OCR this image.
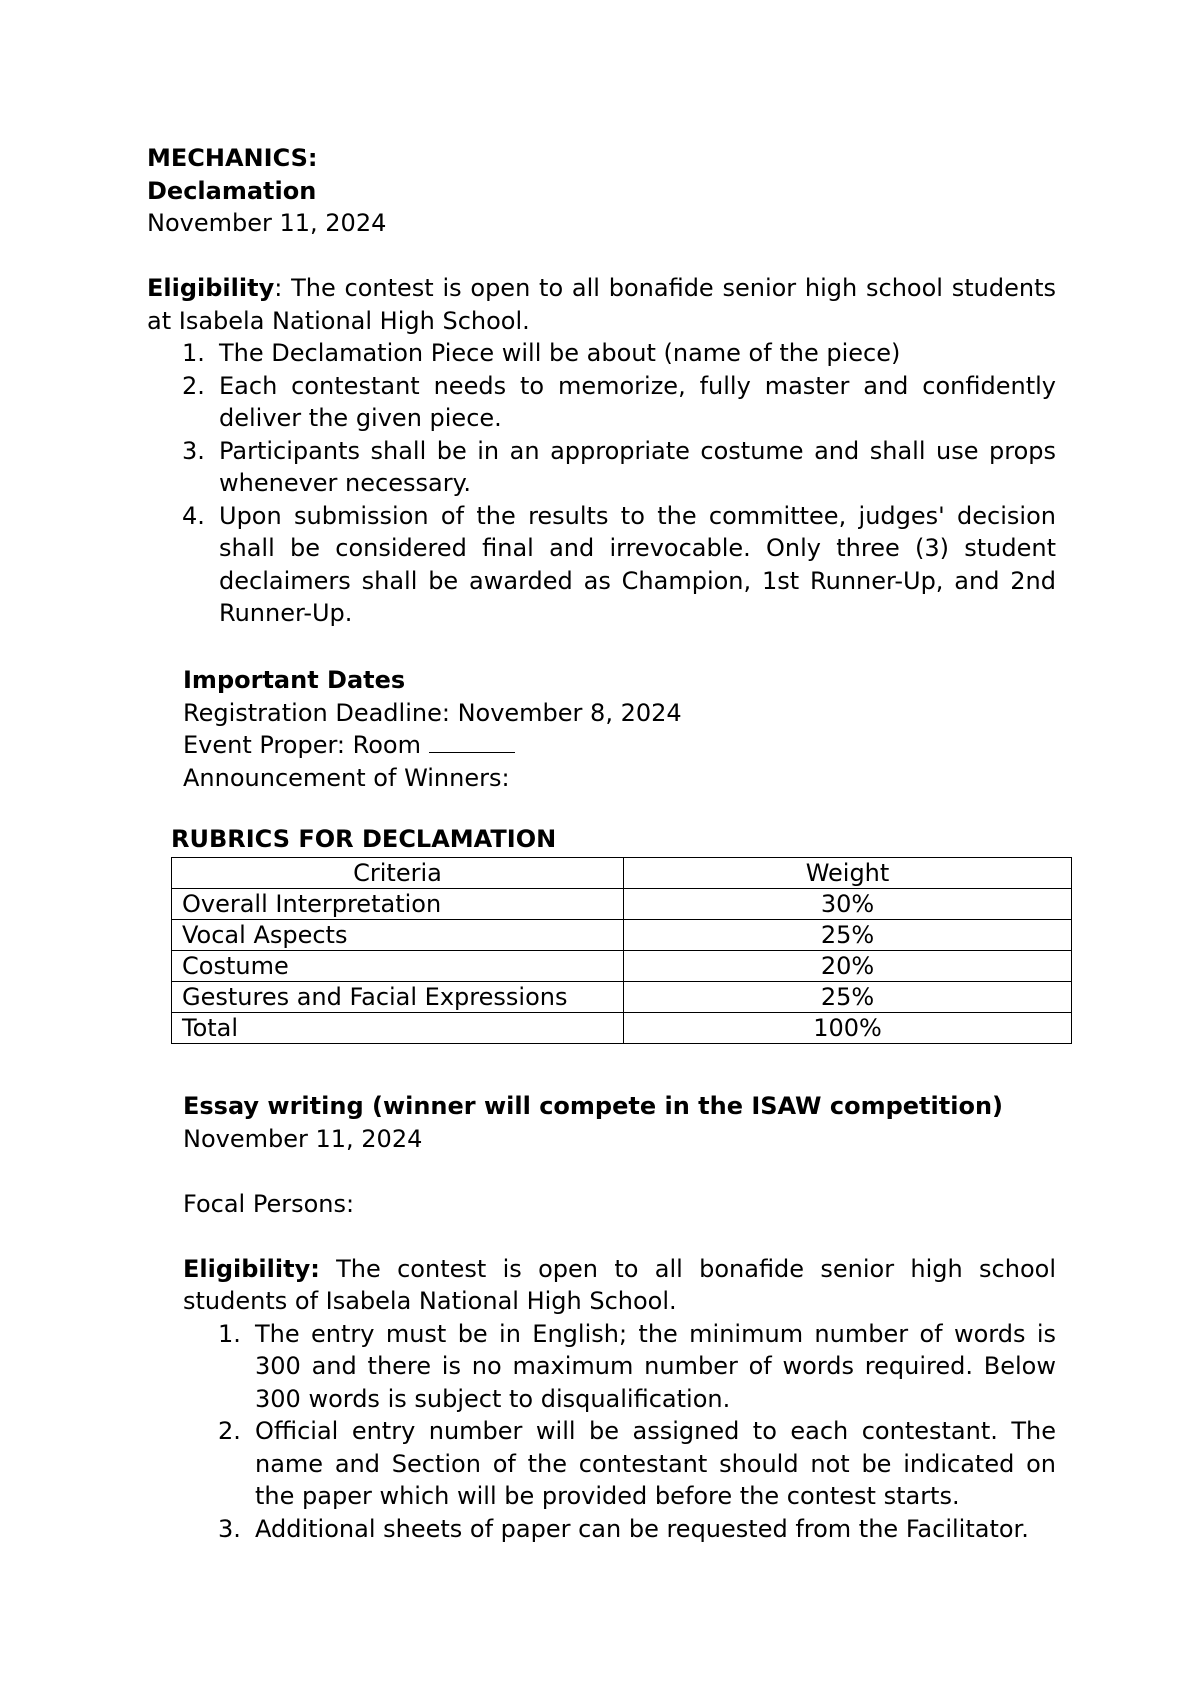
MECHANICS:

Declamation

November 11, 2024

Eligibility: The contest is open to all bonafide senior high school students at Isabela National High School.

1. The Declamation Piece will be about (name of the piece)
2. Each contestant needs to memorize, fully master and confidently deliver the given piece.
3. Participants shall be in an appropriate costume and shall use props whenever necessary.
4. Upon submission of the results to the committee, judges' decision shall be considered final and irrevocable. Only three (3) student declaimers shall be awarded as Champion, 1st Runner-Up, and 2nd Runner-Up.

Important Dates

Registration Deadline: November 8, 2024

Event Proper: Room

Announcement of Winners:

RUBRICS FOR DECLAMATION

Criteria	Weight
Overall Interpretation	30%
Vocal Aspects	25%
Costume	20%
Gestures and Facial Expressions	25%
Total	100%

Essay writing (winner will compete in the ISAW competition)

November 11, 2024

Focal Persons:

Eligibility: The contest is open to all bonafide senior high school students of Isabela National High School.

1. The entry must be in English; the minimum number of words is 300 and there is no maximum number of words required. Below 300 words is subject to disqualification.
2. Official entry number will be assigned to each contestant. The name and Section of the contestant should not be indicated on the paper which will be provided before the contest starts.
3. Additional sheets of paper can be requested from the Facilitator.
